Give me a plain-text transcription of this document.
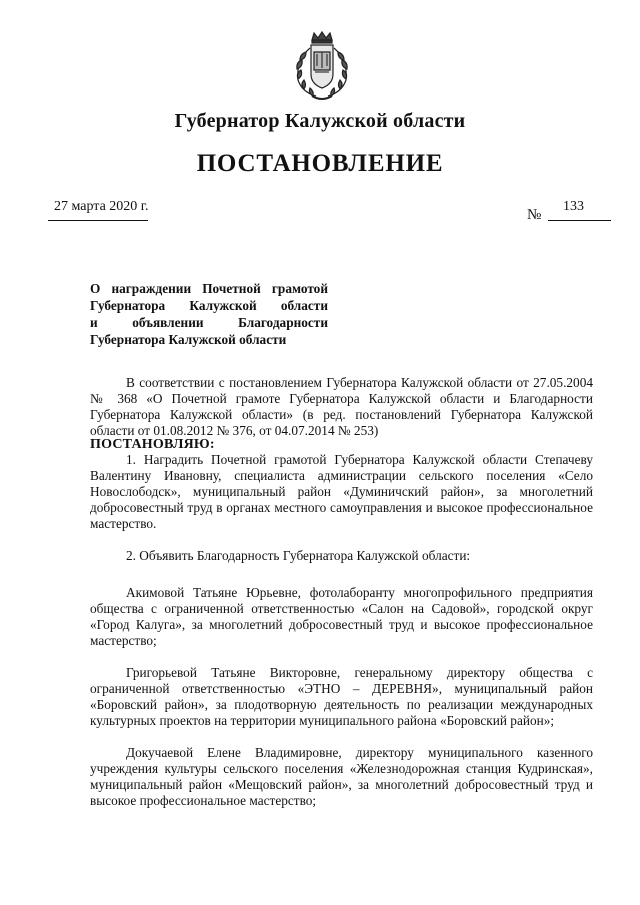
Губернатор Калужской области
ПОСТАНОВЛЕНИЕ
27 марта 2020 г.
№
133
О награждении Почетной грамотой
Губернатора Калужской области
и объявлении Благодарности
Губернатора Калужской области
В соответствии с постановлением Губернатора Калужской области от 27.05.2004 № 368 «О Почетной грамоте Губернатора Калужской области и Благодарности Губернатора Калужской области» (в ред. постановлений Губернатора Калужской области от 01.08.2012 № 376, от 04.07.2014 № 253)
ПОСТАНОВЛЯЮ:
1. Наградить Почетной грамотой Губернатора Калужской области Степачеву Валентину Ивановну, специалиста администрации сельского поселения «Село Новослободск», муниципальный район «Думиничский район», за многолетний добросовестный труд в органах местного самоуправления и высокое профессиональное мастерство.
2. Объявить Благодарность Губернатора Калужской области:
Акимовой Татьяне Юрьевне, фотолаборанту многопрофильного предприятия общества с ограниченной ответственностью «Салон на Садовой», городской округ «Город Калуга», за многолетний добросовестный труд и высокое профессиональное мастерство;
Григорьевой Татьяне Викторовне, генеральному директору общества с ограниченной ответственностью «ЭТНО – ДЕРЕВНЯ», муниципальный район «Боровский район», за плодотворную деятельность по реализации международных культурных проектов на территории муниципального района «Боровский район»;
Докучаевой Елене Владимировне, директору муниципального казенного учреждения культуры сельского поселения «Железнодорожная станция Кудринская», муниципальный район «Мещовский район», за многолетний добросовестный труд и высокое профессиональное мастерство;
